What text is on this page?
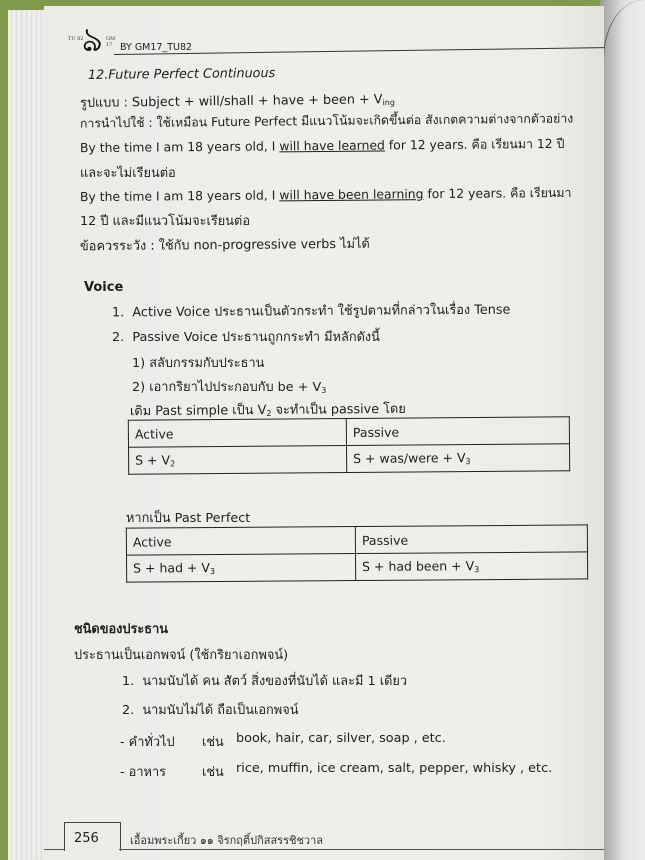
TU 82
ঌ GM 17 BY GM17_TU82
12.Future Perfect Continuous
รูปแบบ : Subject + will/shall + have + been + $V_{ing}$
การนำไปใช้ : ใช้เหมือน Future Perfect มีแนวโน้มจะเกิดขึ้นต่อ สังเกตความต่างจากตัวอย่าง
By the time I am 18 years old, I will have learned for 12 years. คือ เรียนมา 12 ปี
และจะไม่เรียนต่อ
By the time I am 18 years old, I will have been learning for 12 years. คือ เรียนมา
12 ปี และมีแนวโน้มจะเรียนต่อ
ข้อควรระวัง : ใช้กับ non-progressive verbs ไม่ได้
Voice
1. Active Voice ประธานเป็นตัวกระทำ ใช้รูปตามที่กล่าวในเรื่อง Tense
2. Passive Voice ประธานถูกกระทำ มีหลักดังนี้
1) สลับกรรมกับประธาน
2) เอากริยาไปประกอบกับ be + $V_3$
เดิม Past simple เป็น $V_2$ จะทำเป็น passive โดย
Active	Passive
$S + V_2$	S + was/were + $V_3$
หากเป็น Past Perfect
Active	Passive
S + had + $V_3$	S + had been + $V_3$
ชนิดของประธาน
ประธานเป็นเอกพจน์ (ใช้กริยาเอกพจน์)
1. นามนับได้ คน สัตว์ สิ่งของที่นับได้ และมี 1 เดียว
2. นามนับไม่ได้ ถือเป็นเอกพจน์
- คำทั่วไป เช่น book, hair, car, silver, soap , etc.
- อาหาร	เช่น rice, muffin, ice cream, salt, pepper, whisky , etc.
256	เอื้อมพระเกี้ยว ๑๑ จิรกฤติ์ปกิสสรรชิชวาล
